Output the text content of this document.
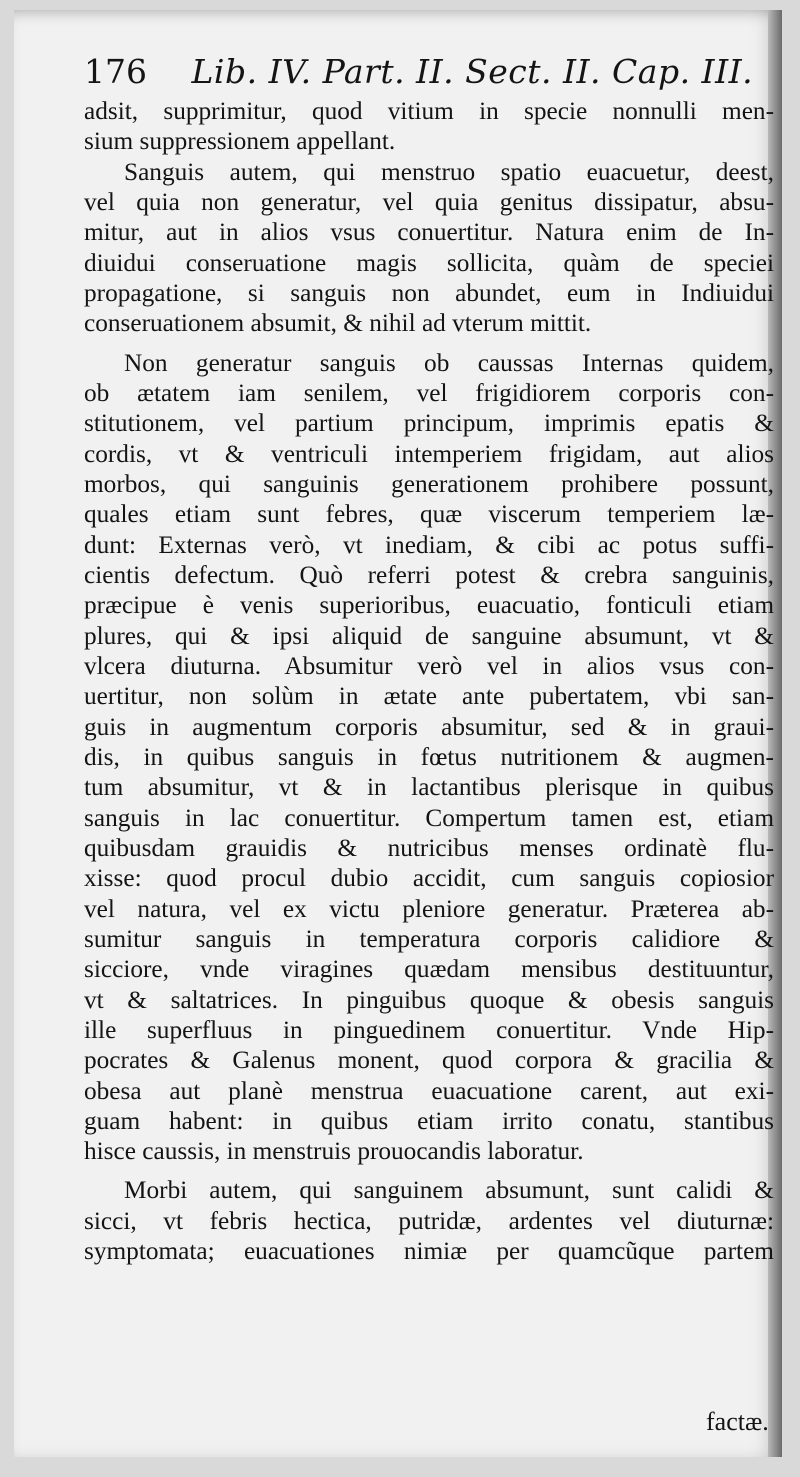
176 Lib. IV. Part. II. Sect. II. Cap. III.
adsit, supprimitur, quod vitium in specie nonnulli men-
sium suppressionem appellant.
Sanguis autem, qui menstruo spatio euacuetur, deest,
vel quia non generatur, vel quia genitus dissipatur, absu-
mitur, aut in alios vsus conuertitur. Natura enim de In-
diuidui conseruatione magis sollicita, quàm de speciei
propagatione, si sanguis non abundet, eum in Indiuidui
conseruationem absumit, & nihil ad vterum mittit.
Non generatur sanguis ob caussas Internas quidem,
ob ætatem iam senilem, vel frigidiorem corporis con-
stitutionem, vel partium principum, imprimis epatis &
cordis, vt & ventriculi intemperiem frigidam, aut alios
morbos, qui sanguinis generationem prohibere possunt,
quales etiam sunt febres, quæ viscerum temperiem læ-
dunt: Externas verò, vt inediam, & cibi ac potus suffi-
cientis defectum. Quò referri potest & crebra sanguinis,
præcipue è venis superioribus, euacuatio, fonticuli etiam
plures, qui & ipsi aliquid de sanguine absumunt, vt &
vlcera diuturna. Absumitur verò vel in alios vsus con-
uertitur, non solùm in ætate ante pubertatem, vbi san-
guis in augmentum corporis absumitur, sed & in graui-
dis, in quibus sanguis in fœtus nutritionem & augmen-
tum absumitur, vt & in lactantibus plerisque in quibus
sanguis in lac conuertitur. Compertum tamen est, etiam
quibusdam grauidis & nutricibus menses ordinatè flu-
xisse: quod procul dubio accidit, cum sanguis copiosior
vel natura, vel ex victu pleniore generatur. Præterea ab-
sumitur sanguis in temperatura corporis calidiore &
sicciore, vnde viragines quædam mensibus destituuntur,
vt & saltatrices. In pinguibus quoque & obesis sanguis
ille superfluus in pinguedinem conuertitur. Vnde Hip-
pocrates & Galenus monent, quod corpora & gracilia &
obesa aut planè menstrua euacuatione carent, aut exi-
guam habent: in quibus etiam irrito conatu, stantibus
hisce caussis, in menstruis prouocandis laboratur.
Morbi autem, qui sanguinem absumunt, sunt calidi &
sicci, vt febris hectica, putridæ, ardentes vel diuturnæ:
symptomata; euacuationes nimiæ per quamcũque partem
factæ.
